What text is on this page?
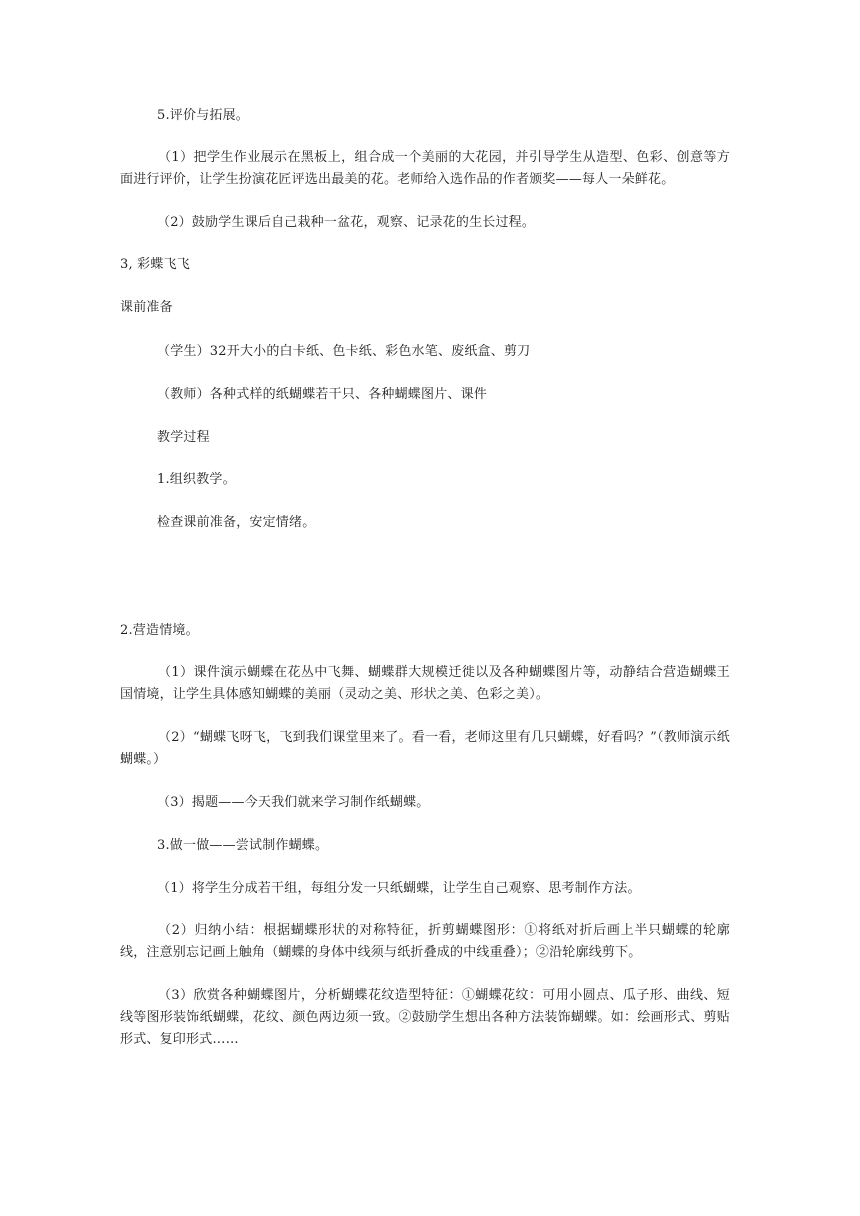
5.评价与拓展。
（1）把学生作业展示在黑板上，组合成一个美丽的大花园，并引导学生从造型、色彩、创意等方面进行评价，让学生扮演花匠评选出最美的花。老师给入选作品的作者颁奖——每人一朵鲜花。
（2）鼓励学生课后自己栽种一盆花，观察、记录花的生长过程。
3, 彩蝶飞飞
课前准备
（学生）32开大小的白卡纸、色卡纸、彩色水笔、废纸盒、剪刀
（教师）各种式样的纸蝴蝶若干只、各种蝴蝶图片、课件
教学过程
1.组织教学。
检查课前准备，安定情绪。
2.营造情境。
（1）课件演示蝴蝶在花丛中飞舞、蝴蝶群大规模迁徙以及各种蝴蝶图片等，动静结合营造蝴蝶王国情境，让学生具体感知蝴蝶的美丽（灵动之美、形状之美、色彩之美）。
（2）“蝴蝶飞呀飞，飞到我们课堂里来了。看一看，老师这里有几只蝴蝶，好看吗？”（教师演示纸蝴蝶。）
（3）揭题——今天我们就来学习制作纸蝴蝶。
3.做一做——尝试制作蝴蝶。
（1）将学生分成若干组，每组分发一只纸蝴蝶，让学生自己观察、思考制作方法。
（2）归纳小结：根据蝴蝶形状的对称特征，折剪蝴蝶图形：①将纸对折后画上半只蝴蝶的轮廓线，注意别忘记画上触角（蝴蝶的身体中线须与纸折叠成的中线重叠）；②沿轮廓线剪下。
（3）欣赏各种蝴蝶图片，分析蝴蝶花纹造型特征：①蝴蝶花纹：可用小圆点、瓜子形、曲线、短线等图形装饰纸蝴蝶，花纹、颜色两边须一致。②鼓励学生想出各种方法装饰蝴蝶。如：绘画形式、剪贴形式、复印形式……
